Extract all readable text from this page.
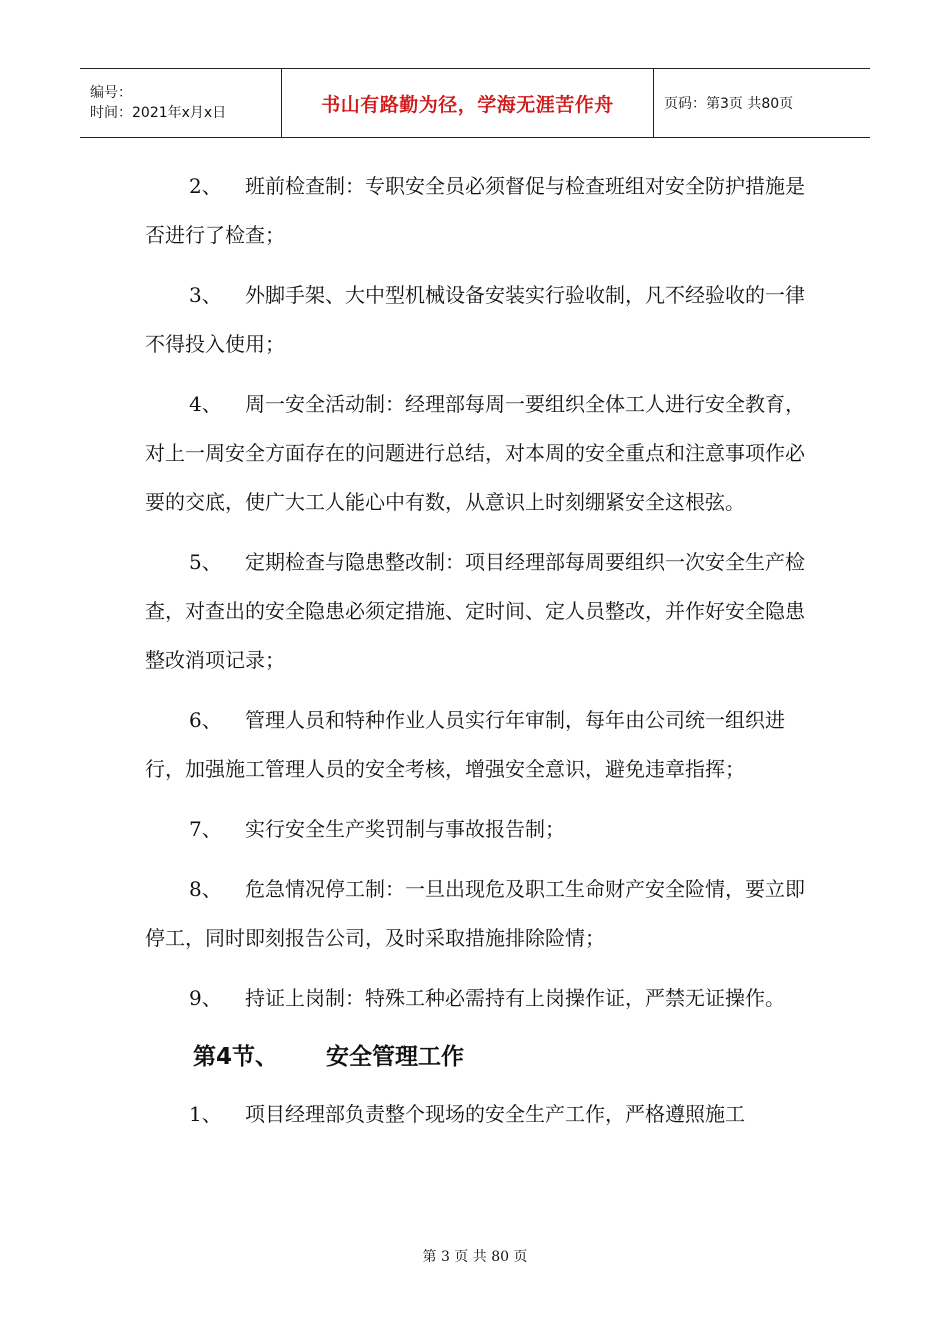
编号：
时间：2021年x月x日	书山有路勤为径，学海无涯苦作舟	页码：第3页 共80页

2、 班前检查制：专职安全员必须督促与检查班组对安全防护措施是否进行了检查；

3、 外脚手架、大中型机械设备安装实行验收制，凡不经验收的一律不得投入使用；

4、 周一安全活动制：经理部每周一要组织全体工人进行安全教育，对上一周安全方面存在的问题进行总结，对本周的安全重点和注意事项作必要的交底，使广大工人能心中有数，从意识上时刻绷紧安全这根弦。

5、 定期检查与隐患整改制：项目经理部每周要组织一次安全生产检查，对查出的安全隐患必须定措施、定时间、定人员整改，并作好安全隐患整改消项记录；

6、 管理人员和特种作业人员实行年审制，每年由公司统一组织进行，加强施工管理人员的安全考核，增强安全意识，避免违章指挥；

7、 实行安全生产奖罚制与事故报告制；

8、 危急情况停工制：一旦出现危及职工生命财产安全险情，要立即停工，同时即刻报告公司，及时采取措施排除险情；

9、 持证上岗制：特殊工种必需持有上岗操作证，严禁无证操作。

第4节、 安全管理工作

1、 项目经理部负责整个现场的安全生产工作，严格遵照施工

第 3 页 共 80 页
